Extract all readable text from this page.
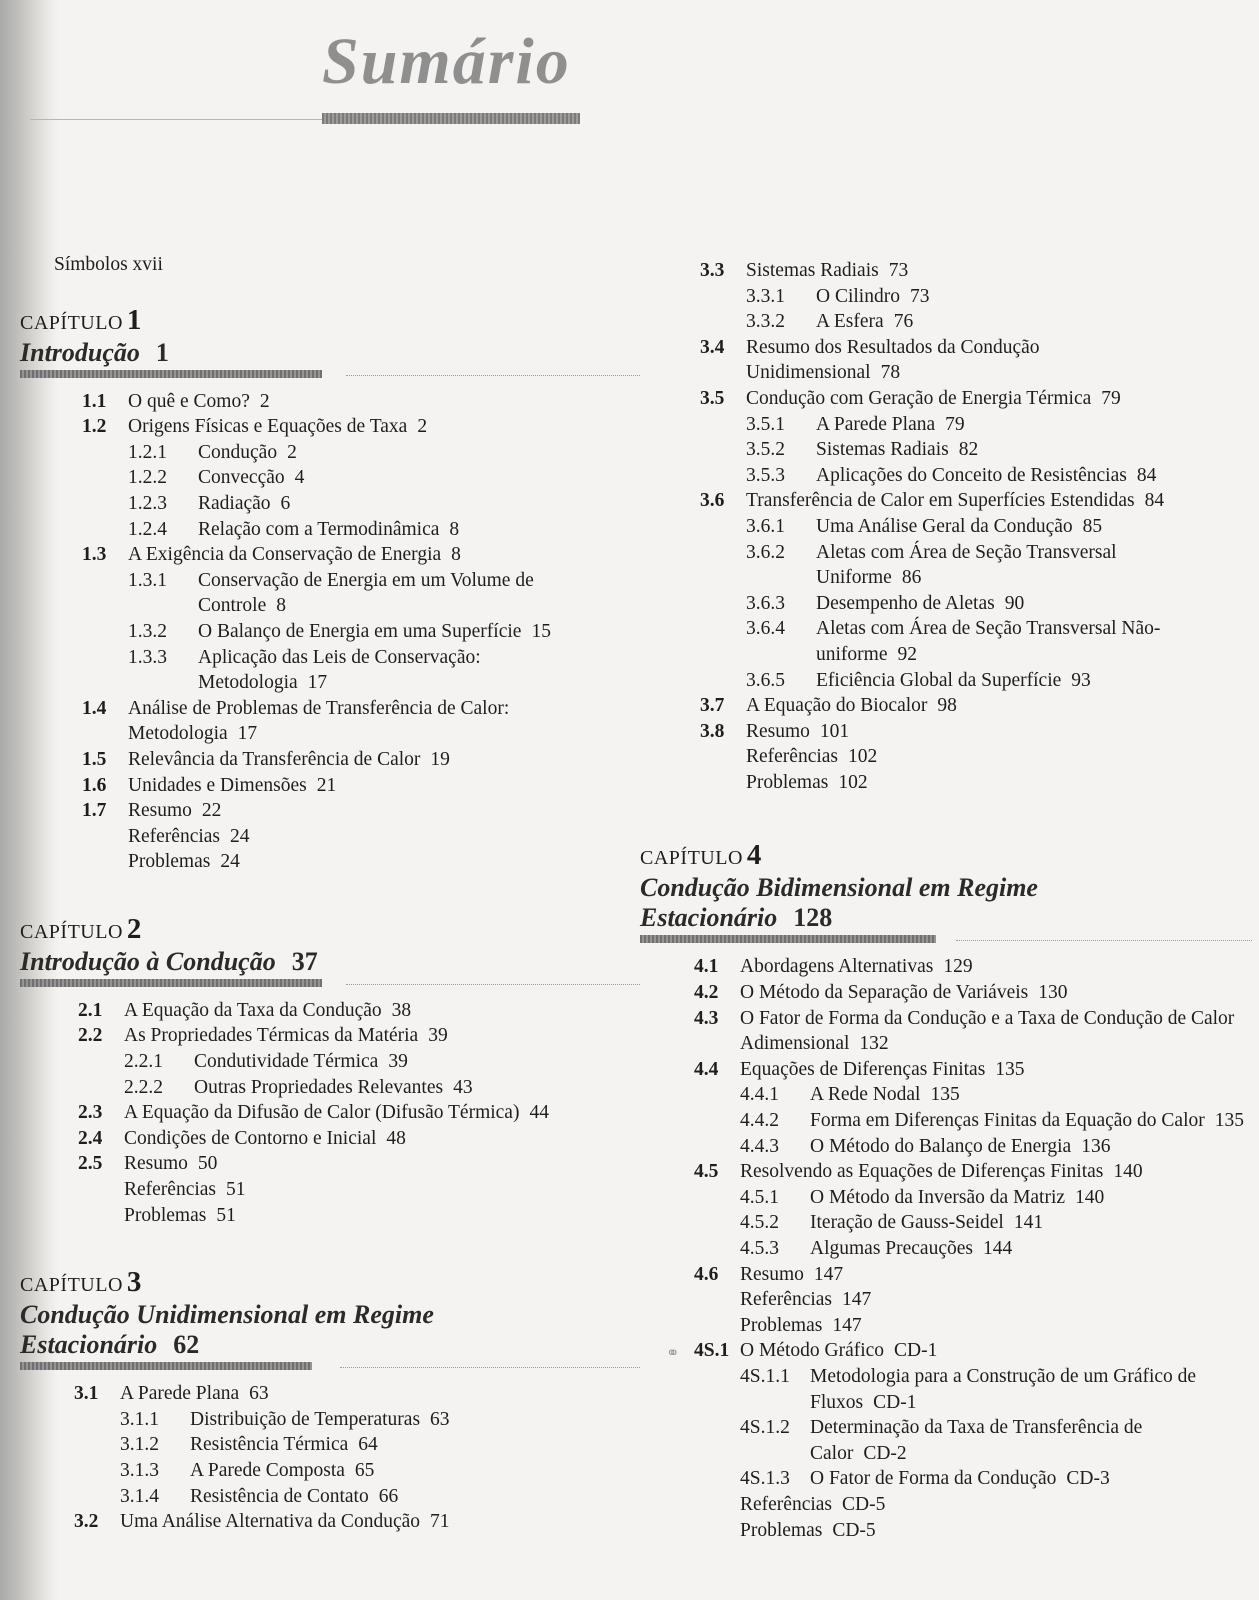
Sumário
Símbolos xvii
CAPÍTULO 1
Introdução 1
1.1	O quê e Como? 2
1.2	Origens Físicas e Equações de Taxa 2
1.2.1	Condução 2
1.2.2	Convecção 4
1.2.3	Radiação 6
1.2.4	Relação com a Termodinâmica 8
1.3	A Exigência da Conservação de Energia 8
1.3.1	Conservação de Energia em um Volume de Controle 8
1.3.2	O Balanço de Energia em uma Superfície 15
1.3.3	Aplicação das Leis de Conservação: Metodologia 17
1.4	Análise de Problemas de Transferência de Calor: Metodologia 17
1.5	Relevância da Transferência de Calor 19
1.6	Unidades e Dimensões 21
1.7	Resumo 22
Referências 24
Problemas 24
CAPÍTULO 2
Introdução à Condução 37
2.1	A Equação da Taxa da Condução 38
2.2	As Propriedades Térmicas da Matéria 39
2.2.1	Condutividade Térmica 39
2.2.2	Outras Propriedades Relevantes 43
2.3	A Equação da Difusão de Calor (Difusão Térmica) 44
2.4	Condições de Contorno e Inicial 48
2.5	Resumo 50
Referências 51
Problemas 51
CAPÍTULO 3
Condução Unidimensional em Regime
Estacionário 62
3.1	A Parede Plana 63
3.1.1	Distribuição de Temperaturas 63
3.1.2	Resistência Térmica 64
3.1.3	A Parede Composta 65
3.1.4	Resistência de Contato 66
3.2	Uma Análise Alternativa da Condução 71
3.3	Sistemas Radiais 73
3.3.1	O Cilindro 73
3.3.2	A Esfera 76
3.4	Resumo dos Resultados da Condução Unidimensional 78
3.5	Condução com Geração de Energia Térmica 79
3.5.1	A Parede Plana 79
3.5.2	Sistemas Radiais 82
3.5.3	Aplicações do Conceito de Resistências 84
3.6	Transferência de Calor em Superfícies Estendidas 84
3.6.1	Uma Análise Geral da Condução 85
3.6.2	Aletas com Área de Seção Transversal Uniforme 86
3.6.3	Desempenho de Aletas 90
3.6.4	Aletas com Área de Seção Transversal Não-uniforme 92
3.6.5	Eficiência Global da Superfície 93
3.7	A Equação do Biocalor 98
3.8	Resumo 101
Referências 102
Problemas 102
CAPÍTULO 4
Condução Bidimensional em Regime
Estacionário 128
4.1	Abordagens Alternativas 129
4.2	O Método da Separação de Variáveis 130
4.3	O Fator de Forma da Condução e a Taxa de Condução de Calor Adimensional 132
4.4	Equações de Diferenças Finitas 135
4.4.1	A Rede Nodal 135
4.4.2	Forma em Diferenças Finitas da Equação do Calor 135
4.4.3	O Método do Balanço de Energia 136
4.5	Resolvendo as Equações de Diferenças Finitas 140
4.5.1	O Método da Inversão da Matriz 140
4.5.2	Iteração de Gauss-Seidel 141
4.5.3	Algumas Precauções 144
4.6	Resumo 147
Referências 147
Problemas 147
⚭ 4S.1 O Método Gráfico CD-1
4S.1.1	Metodologia para a Construção de um Gráfico de Fluxos CD-1
4S.1.2	Determinação da Taxa de Transferência de Calor CD-2
4S.1.3	O Fator de Forma da Condução CD-3
Referências CD-5
Problemas CD-5
